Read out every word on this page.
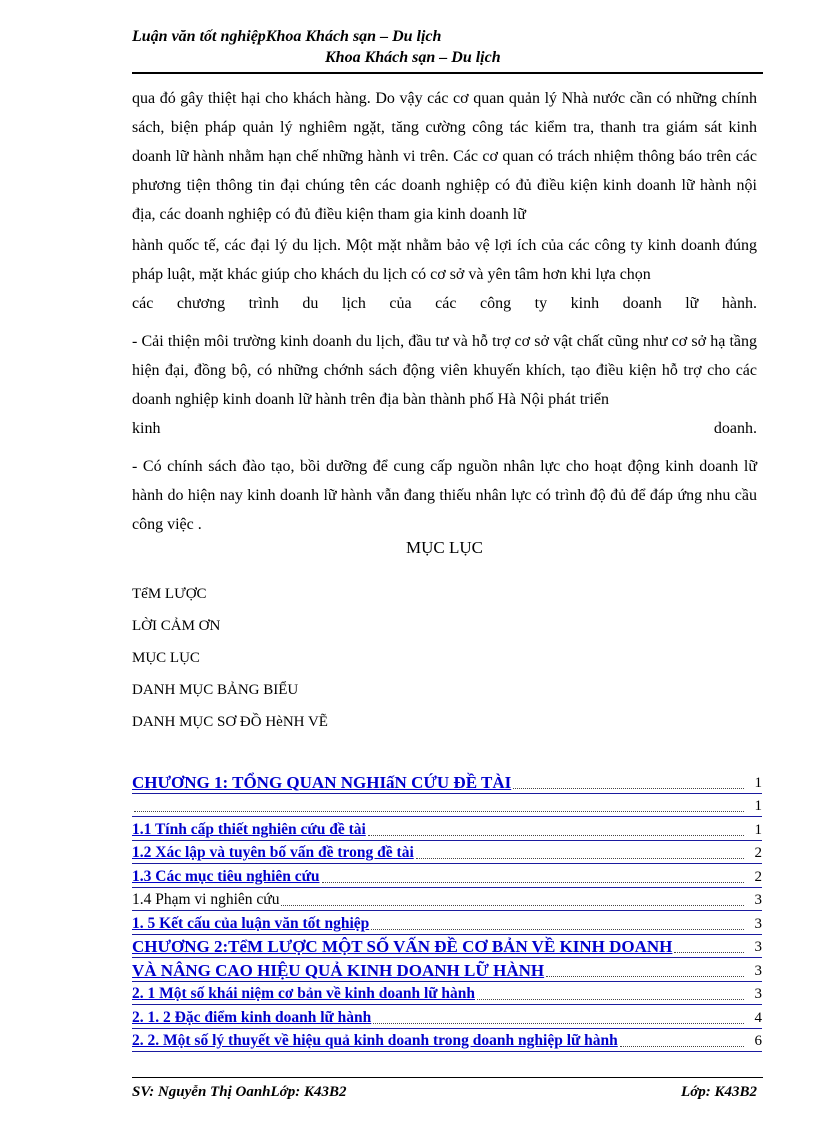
Luận văn tốt nghiệpKhoa Khách sạn – Du lịch
Khoa Khách sạn – Du lịch

qua đó gây thiệt hại cho khách hàng. Do vậy các cơ quan quản lý Nhà nước cần có những chính sách, biện pháp quản lý nghiêm ngặt, tăng cường công tác kiểm tra, thanh tra giám sát kinh doanh lữ hành nhằm hạn chế những hành vi trên. Các cơ quan có trách nhiệm thông báo trên các phương tiện thông tin đại chúng tên các doanh nghiệp có đủ điều kiện kinh doanh lữ hành nội địa, các doanh nghiệp có đủ điều kiện tham gia kinh doanh lữ

hành quốc tế, các đại lý du lịch. Một mặt nhằm bảo vệ lợi ích của các công ty kinh doanh đúng pháp luật, mặt khác giúp cho khách du lịch có cơ sở và yên tâm hơn khi lựa chọn
các chương trình du lịch của các công ty kinh doanh lữ hành.

- Cải thiện môi trường kinh doanh du lịch, đầu tư và hỗ trợ cơ sở vật chất cũng như cơ sở hạ tầng hiện đại, đồng bộ, có những chớnh sách động viên khuyến khích, tạo điều kiện hỗ trợ cho các doanh nghiệp kinh doanh lữ hành trên địa bàn thành phố Hà Nội phát triển
kinh doanh.

- Có chính sách đào tạo, bồi dưỡng để cung cấp nguồn nhân lực cho hoạt động kinh doanh lữ hành do hiện nay kinh doanh lữ hành vẫn đang thiếu nhân lực có trình độ đủ để đáp ứng nhu cầu công việc .

MỤC LỤC
TểM LƯỢC
LỜI CẢM ƠN
MỤC LỤC
DANH MỤC BẢNG BIỂU
DANH MỤC SƠ ĐỒ HèNH VẼ
CHƯƠNG 1: TỔNG QUAN NGHIấN CỨU ĐỀ TÀI	1
1
1.1 Tính cấp thiết nghiên cứu đề tài	1
1.2 Xác lập và tuyên bố vấn đề trong đề tài	2
1.3 Các mục tiêu nghiên cứu	2
1.4 Phạm vi nghiên cứu	3
1. 5 Kết cấu của luận văn tốt nghiệp	3
CHƯƠNG 2:TểM LƯỢC MỘT SỐ VẤN ĐỀ CƠ BẢN VỀ KINH DOANH	3
VÀ NÂNG CAO HIỆU QUẢ KINH DOANH LỮ HÀNH	3
2. 1 Một số khái niệm cơ bản về kinh doanh lữ hành	3
2. 1. 2 Đặc điểm kinh doanh lữ hành	4
2. 2. Một số lý thuyết về hiệu quả kinh doanh trong doanh nghiệp lữ hành	6
SV: Nguyễn Thị OanhLớp: K43B2	Lớp: K43B2
